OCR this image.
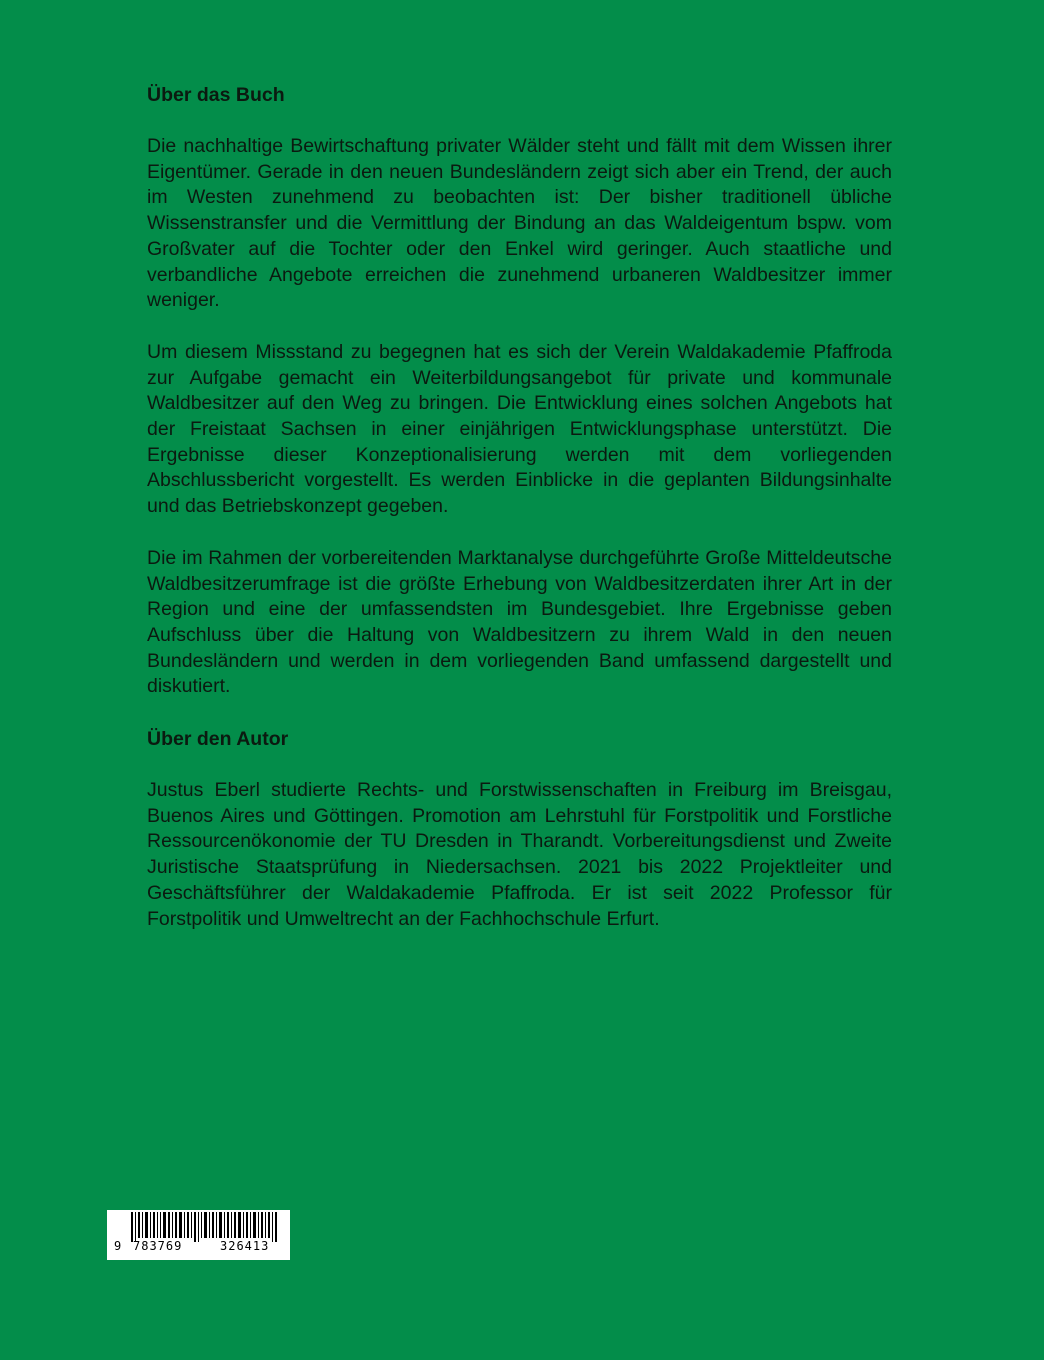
Über das Buch

Die nachhaltige Bewirtschaftung privater Wälder steht und fällt mit dem Wissen ihrer Eigentümer. Gerade in den neuen Bundesländern zeigt sich aber ein Trend, der auch im Westen zunehmend zu beobachten ist: Der bisher traditionell übliche Wissenstransfer und die Vermittlung der Bindung an das Waldeigentum bspw. vom Großvater auf die Tochter oder den Enkel wird geringer. Auch staatliche und verbandliche Angebote erreichen die zunehmend urbaneren Waldbesitzer immer weniger.

Um diesem Missstand zu begegnen hat es sich der Verein Waldakademie Pfaffroda zur Aufgabe gemacht ein Weiterbildungsangebot für private und kommunale Waldbesitzer auf den Weg zu bringen. Die Entwicklung eines solchen Angebots hat der Freistaat Sachsen in einer einjährigen Entwicklungsphase unterstützt. Die Ergebnisse dieser Konzeptionalisierung werden mit dem vorliegenden Abschlussbericht vorgestellt. Es werden Einblicke in die geplanten Bildungsinhalte und das Betriebskonzept gegeben.

Die im Rahmen der vorbereitenden Marktanalyse durchgeführte Große Mitteldeutsche Waldbesitzerumfrage ist die größte Erhebung von Waldbesitzerdaten ihrer Art in der Region und eine der umfassendsten im Bundesgebiet. Ihre Ergebnisse geben Aufschluss über die Haltung von Waldbesitzern zu ihrem Wald in den neuen Bundesländern und werden in dem vorliegenden Band umfassend dargestellt und diskutiert.

Über den Autor

Justus Eberl studierte Rechts- und Forstwissenschaften in Freiburg im Breisgau, Buenos Aires und Göttingen. Promotion am Lehrstuhl für Forstpolitik und Forstliche Ressourcenökonomie der TU Dresden in Tharandt. Vorbereitungsdienst und Zweite Juristische Staatsprüfung in Niedersachsen. 2021 bis 2022 Projektleiter und Geschäftsführer der Waldakademie Pfaffroda. Er ist seit 2022 Professor für Forstpolitik und Umweltrecht an der Fachhochschule Erfurt.

9 783769	326413
